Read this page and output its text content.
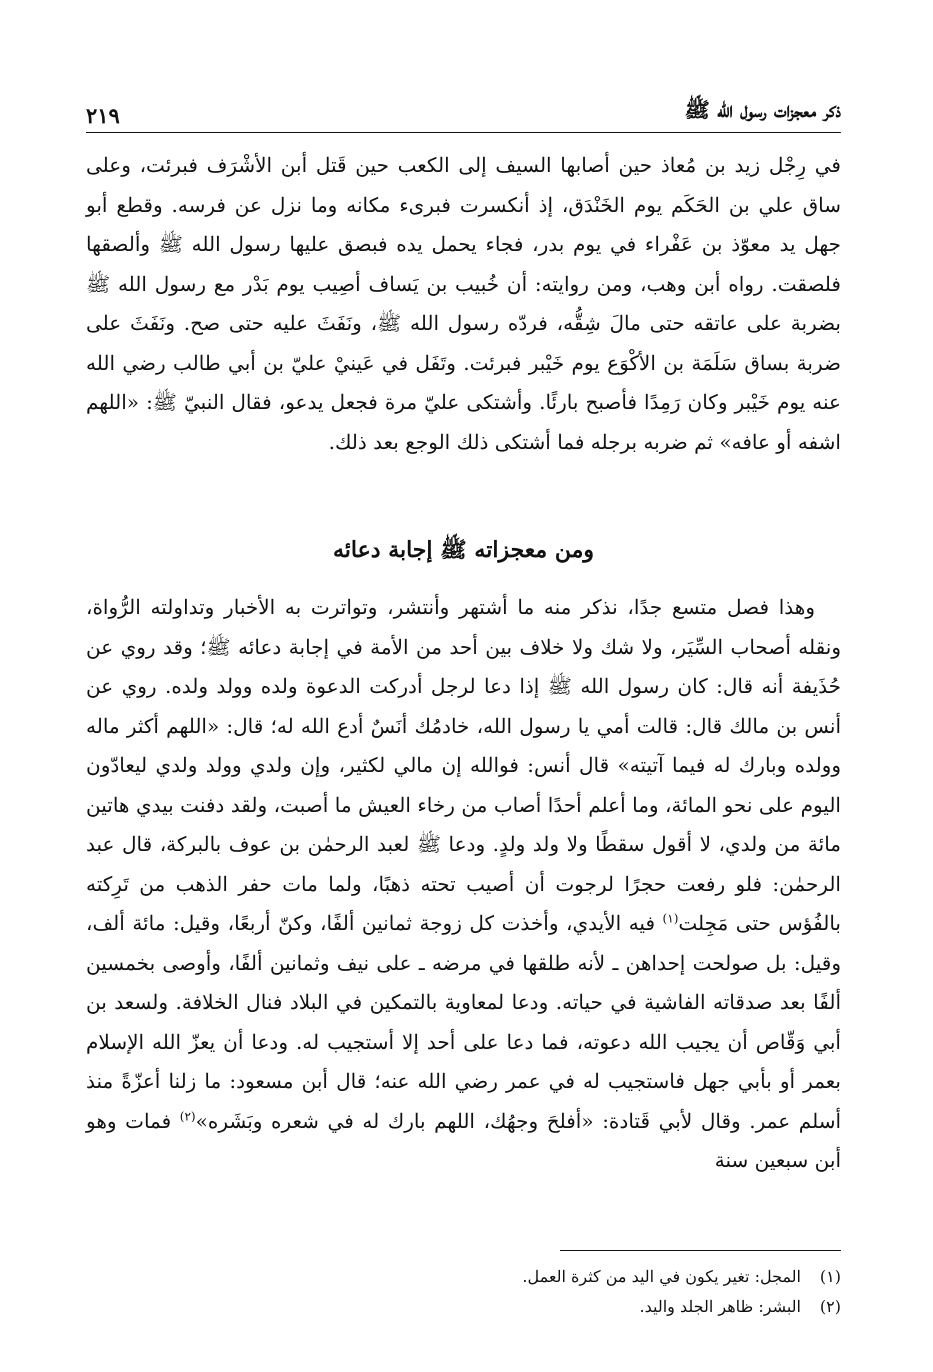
ذكر معجزات رسول الله ﷺ
٢١٩

في رِجْل زيد بن مُعاذ حين أصابها السيف إلى الكعب حين قَتل أبن الأشْرَف فبرئت، وعلى ساق علي بن الحَكَم يوم الخَنْدَق، إذ أنكسرت فبرىء مكانه وما نزل عن فرسه. وقطع أبو جهل يد معوّذ بن عَفْراء في يوم بدر، فجاء يحمل يده فبصق عليها رسول الله ﷺ وألصقها فلصقت. رواه أبن وهب، ومن روايته: أن خُبيب بن يَساف أصِيب يوم بَدْر مع رسول الله ﷺ بضربة على عاتقه حتى مالَ شِقُّه، فردّه رسول الله ﷺ، ونَفَثَ عليه حتى صح. ونَفَثَ على ضربة بساق سَلَمَة بن الأكْوَع يوم خَيْبر فبرئت. وتَفَل في عَينيْ عليّ بن أبي طالب رضي الله عنه يوم خَيْبر وكان رَمِدًا فأصبح بارئًا. وأشتكى عليّ مرة فجعل يدعو، فقال النبيّ ﷺ: «اللهم اشفه أو عافه» ثم ضربه برجله فما أشتكى ذلك الوجع بعد ذلك.

ومن معجزاته ﷺ إجابة دعائه

وهذا فصل متسع جدًا، نذكر منه ما أشتهر وأنتشر، وتواترت به الأخبار وتداولته الرُّواة، ونقله أصحاب السِّيَر، ولا شك ولا خلاف بين أحد من الأمة في إجابة دعائه ﷺ؛ وقد روي عن حُذَيفة أنه قال: كان رسول الله ﷺ إذا دعا لرجل أدركت الدعوة ولده وولد ولده. روي عن أنس بن مالك قال: قالت أمي يا رسول الله، خادمُك أنَسٌ أدع الله له؛ قال: «اللهم أكثر ماله وولده وبارك له فيما آتيته» قال أنس: فوالله إن مالي لكثير، وإن ولدي وولد ولدي ليعادّون اليوم على نحو المائة، وما أعلم أحدًا أصاب من رخاء العيش ما أصبت، ولقد دفنت بيدي هاتين مائة من ولدي، لا أقول سقطًا ولا ولد ولدٍ. ودعا ﷺ لعبد الرحمٰن بن عوف بالبركة، قال عبد الرحمٰن: فلو رفعت حجرًا لرجوت أن أصيب تحته ذهبًا، ولما مات حفر الذهب من تَرِكته بالفُؤس حتى مَجِلت$^{(١)}$ فيه الأيدي، وأخذت كل زوجة ثمانين ألفًا، وكنّ أربعًا، وقيل: مائة ألف، وقيل: بل صولحت إحداهن ـ لأنه طلقها في مرضه ـ على نيف وثمانين ألفًا، وأوصى بخمسين ألفًا بعد صدقاته الفاشية في حياته. ودعا لمعاوية بالتمكين في البلاد فنال الخلافة. ولسعد بن أبي وَقّاص أن يجيب الله دعوته، فما دعا على أحد إلا أستجيب له. ودعا أن يعزّ الله الإسلام بعمر أو بأبي جهل فاستجيب له في عمر رضي الله عنه؛ قال أبن مسعود: ما زلنا أعزّةً منذ أسلم عمر. وقال لأبي قَتادة: «أفلحَ وجهُك، اللهم بارك له في شعره وبَشَره»$^{(٢)}$ فمات وهو أبن سبعين سنة

(١)
المجل: تغير يكون في اليد من كثرة العمل.
(٢)
البشر: ظاهر الجلد واليد.
